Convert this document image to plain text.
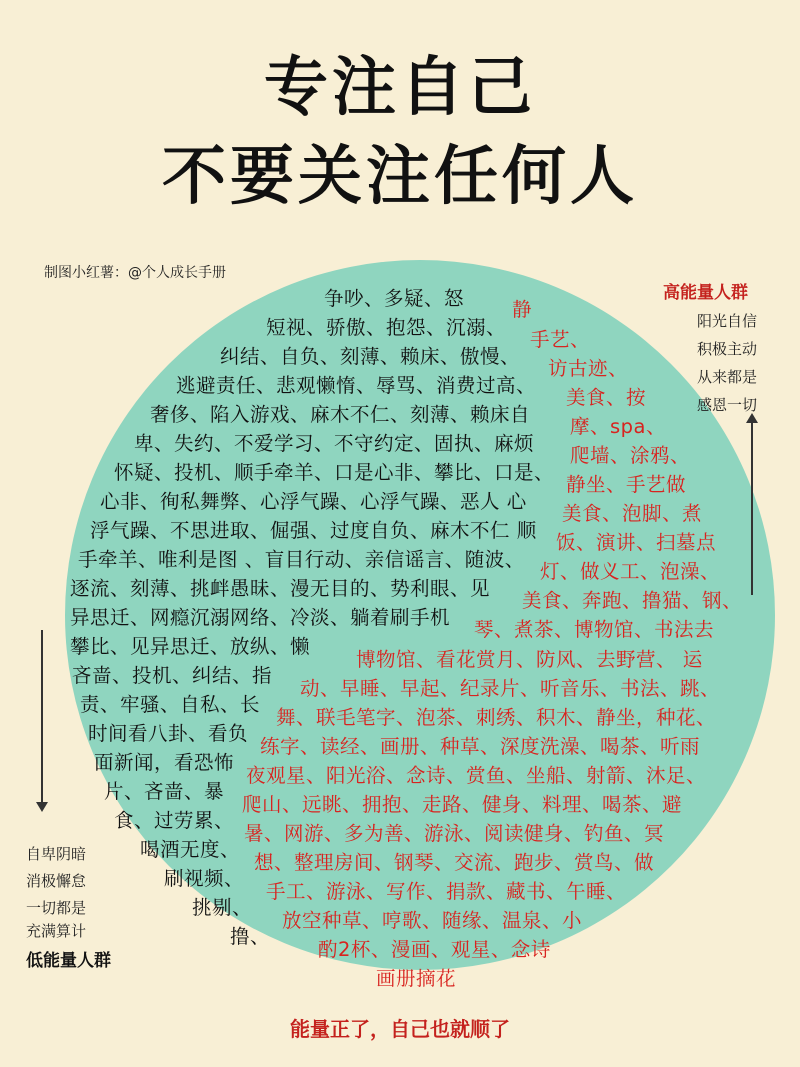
专注自己
不要关注任何人
制图小红薯：@个人成长手册
争吵、多疑、怒
短视、骄傲、抱怨、沉溺、
纠结、自负、刻薄、赖床、傲慢、
逃避责任、悲观懒惰、辱骂、消费过高、
奢侈、陷入游戏、麻木不仁、刻薄、赖床自
卑、失约、不爱学习、不守约定、固执、麻烦
怀疑、投机、顺手牵羊、口是心非、攀比、口是、
心非、徇私舞弊、心浮气躁、心浮气躁、恶人 心
浮气躁、不思进取、倔强、过度自负、麻木不仁 顺
手牵羊、唯利是图 、盲目行动、亲信谣言、随波、
逐流、刻薄、挑衅愚昧、漫无目的、势利眼、见
异思迁、网瘾沉溺网络、冷淡、躺着刷手机
攀比、见异思迁、放纵、懒
吝啬、投机、纠结、指
责、牢骚、自私、长
时间看八卦、看负
面新闻，看恐怖
片、吝啬、暴
食、过劳累、
喝酒无度、
刷视频、
挑剔、
撸、
静
手艺、
访古迹、
美食、按
摩、spa、
爬墙、涂鸦、
静坐、手艺做
美食、泡脚、煮
饭、演讲、扫墓点
灯、做义工、泡澡、
美食、奔跑、撸猫、钢、
琴、煮茶、博物馆、书法去
博物馆、看花赏月、防风、去野营、 运
动、早睡、早起、纪录片、听音乐、书法、跳、
舞、联毛笔字、泡茶、刺绣、积木、静坐，种花、
练字、读经、画册、种草、深度洗澡、喝茶、听雨
夜观星、阳光浴、念诗、赏鱼、坐船、射箭、沐足、
爬山、远眺、拥抱、走路、健身、料理、喝茶、避
暑、网游、多为善、游泳、阅读健身、钓鱼、冥
想、整理房间、钢琴、交流、跑步、赏鸟、做
手工、游泳、写作、捐款、藏书、午睡、
放空种草、哼歌、随缘、温泉、小
酌2杯、漫画、观星、念诗
画册摘花
高能量人群
阳光自信
积极主动
从来都是
感恩一切
自卑阴暗
消极懈怠
一切都是
充满算计
低能量人群
能量正了，自己也就顺了
